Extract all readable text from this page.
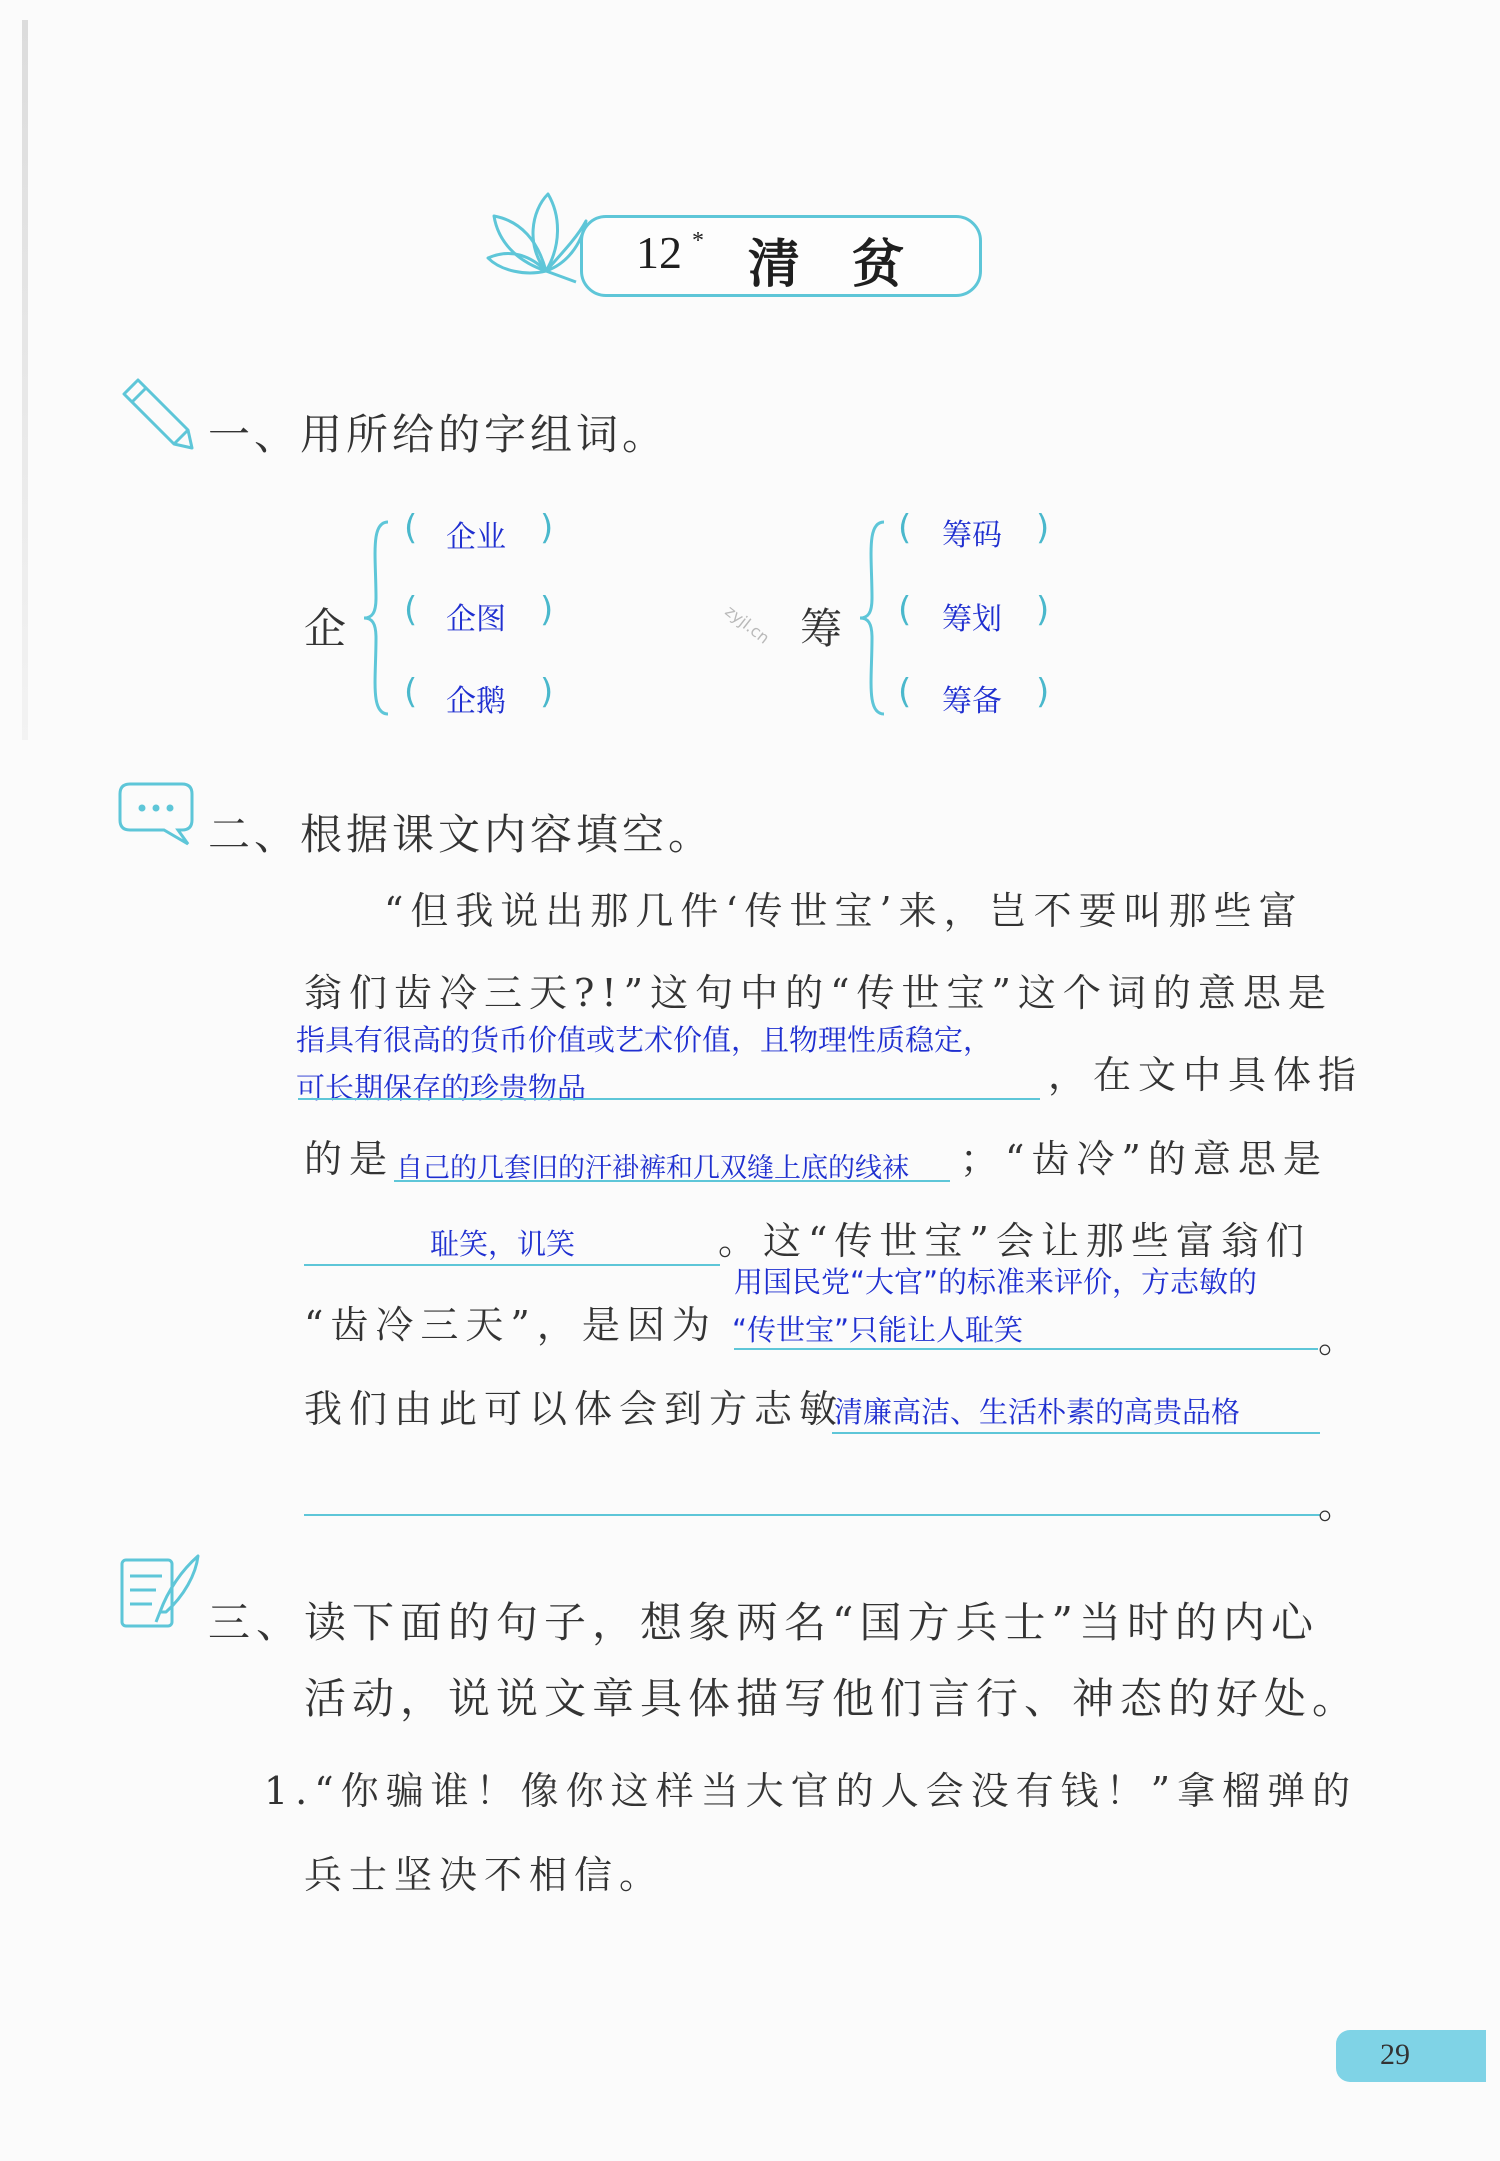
12 * 清贫
一、用所给的字组词。
企
( 企业 )
( 企图 )
( 企鹅 )
zyjl.cn 筹
( 筹码 )
( 筹划 )
( 筹备 )
二、根据课文内容填空。
“但我说出那几件‘传世宝’来，岂不要叫那些富
翁们齿冷三天?!”这句中的“传世宝”这个词的意思是
指具有很高的货币价值或艺术价值，且物理性质稳定，
可长期保存的珍贵物品	，在文中具体指
的是 自己的几套旧的汗褂裤和几双缝上底的线袜 ；“齿冷”的意思是
耻笑，讥笑	。这“传世宝”会让那些富翁们
用国民党“大官”的标准来评价，方志敏的
“齿冷三天”，是因为 “传世宝”只能让人耻笑	。
我们由此可以体会到方志敏
清廉高洁、生活朴素的高贵品格
。
三、读下面的句子，想象两名“国方兵士”当时的内心
活动，说说文章具体描写他们言行、神态的好处。
1.“你骗谁！像你这样当大官的人会没有钱！”拿榴弹的
兵士坚决不相信。
29
